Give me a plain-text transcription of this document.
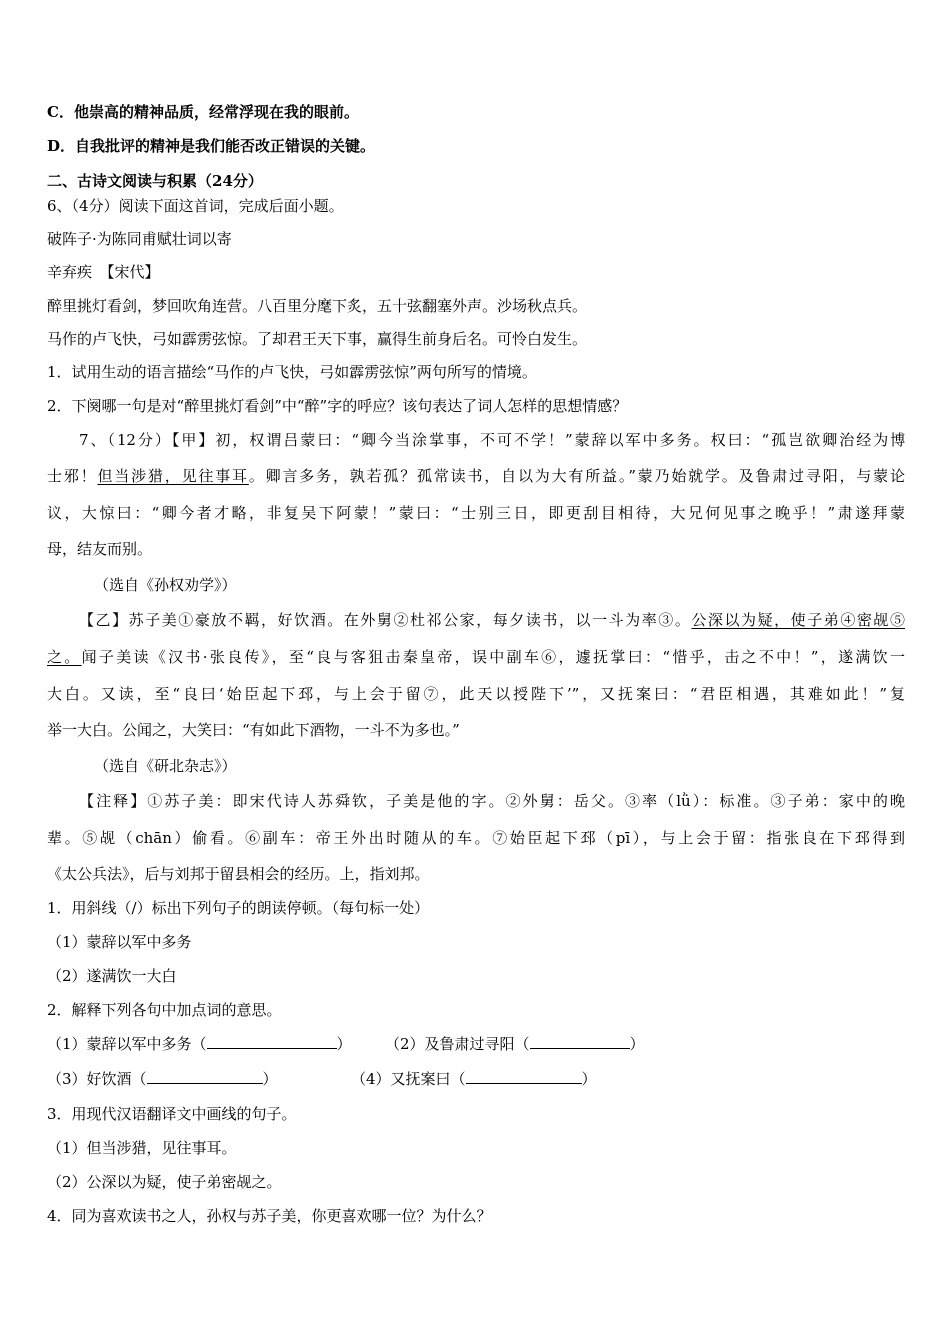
C．他崇高的精神品质，经常浮现在我的眼前。
D．自我批评的精神是我们能否改正错误的关键。
二、古诗文阅读与积累（24分）
6、（4分）阅读下面这首词，完成后面小题。
破阵子·为陈同甫赋壮词以寄
辛弃疾　【宋代】
醉里挑灯看剑，梦回吹角连营。八百里分麾下炙，五十弦翻塞外声。沙场秋点兵。
马作的卢飞快，弓如霹雳弦惊。了却君王天下事，赢得生前身后名。可怜白发生。
1．试用生动的语言描绘“马作的卢飞快，弓如霹雳弦惊”两句所写的情境。
2．下阕哪一句是对“醉里挑灯看剑”中“醉”字的呼应？该句表达了词人怎样的思想情感？
7、（12分）【甲】初，权谓吕蒙曰：“卿今当涂掌事，不可不学！”蒙辞以军中多务。权曰：“孤岂欲卿治经为博
士邪！但当涉猎，见往事耳。卿言多务，孰若孤？孤常读书，自以为大有所益。”蒙乃始就学。及鲁肃过寻阳，与蒙论
议，大惊曰：“卿今者才略，非复吴下阿蒙！”蒙曰：“士别三日，即更刮目相待，大兄何见事之晚乎！”肃遂拜蒙
母，结友而别。
（选自《孙权劝学》）
【乙】苏子美①豪放不羁，好饮酒。在外舅②杜祁公家，每夕读书，以一斗为率③。公深以为疑，使子弟④密觇⑤
之。闻子美读《汉书·张良传》，至“良与客狙击秦皇帝，误中副车⑥，遽抚掌曰：“惜乎，击之不中！”，遂满饮一
大白。又读，至“良曰‘始臣起下邳，与上会于留⑦，此天以授陛下’”，又抚案曰：“君臣相遇，其难如此！”复
举一大白。公闻之，大笑曰：“有如此下酒物，一斗不为多也。”
（选自《研北杂志》）
【注释】①苏子美：即宋代诗人苏舜钦，子美是他的字。②外舅：岳父。③率（lǜ）：标准。③子弟：家中的晚
辈。⑤觇（chān）偷看。⑥副车：帝王外出时随从的车。⑦始臣起下邳（pī），与上会于留：指张良在下邳得到
《太公兵法》，后与刘邦于留县相会的经历。上，指刘邦。
1．用斜线（/）标出下列句子的朗读停顿。（每句标一处）
（1）蒙辞以军中多务
（2）遂满饮一大白
2．解释下列各句中加点词的意思。
（1）蒙辞以军中多务（	） （2）及鲁肃过寻阳（	）
（3）好饮酒（	）	（4）又抚案曰（	）
3．用现代汉语翻译文中画线的句子。
（1）但当涉猎，见往事耳。
（2）公深以为疑，使子弟密觇之。
4．同为喜欢读书之人，孙权与苏子美，你更喜欢哪一位？为什么？
